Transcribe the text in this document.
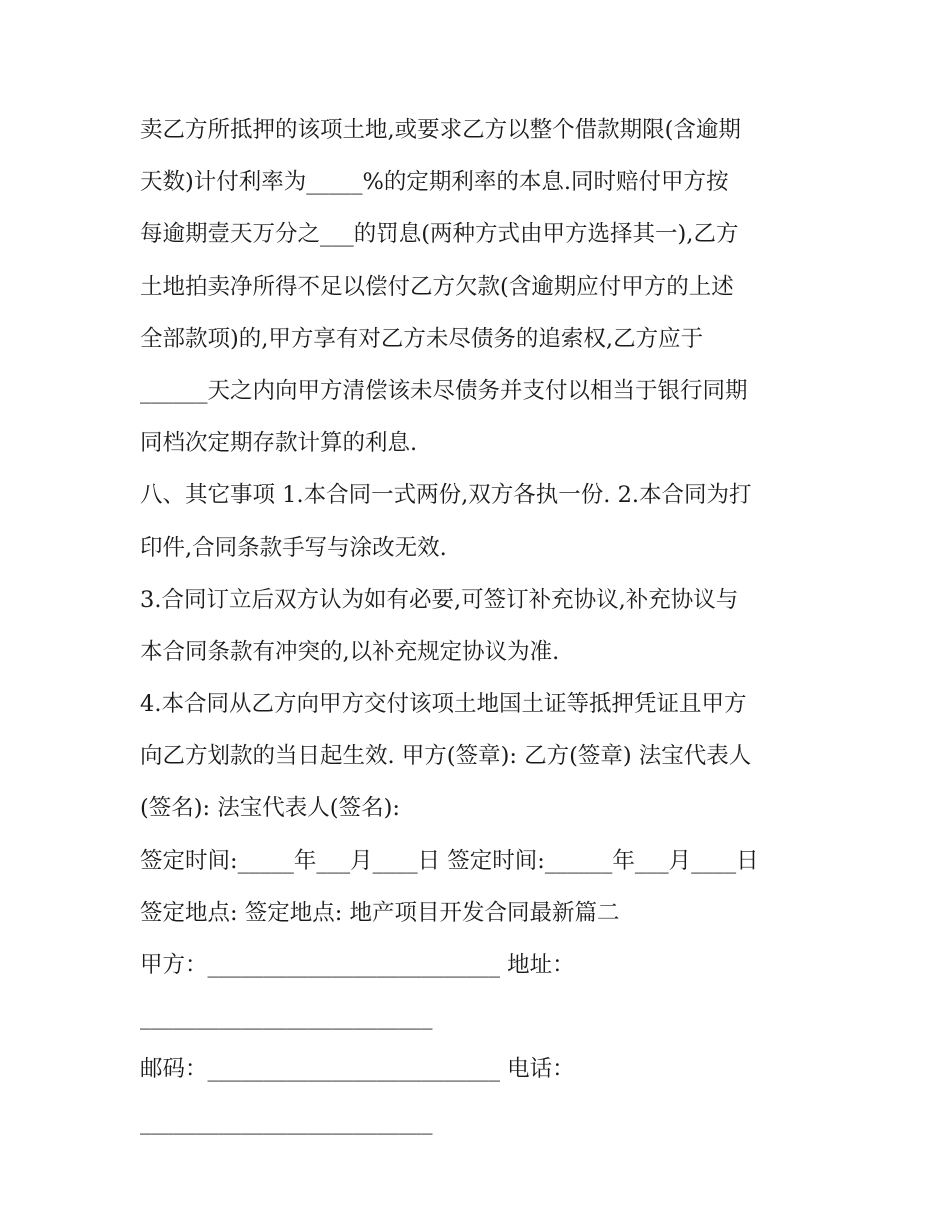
卖乙方所抵押的该项土地,或要求乙方以整个借款期限(含逾期
天数)计付利率为_____%的定期利率的本息.同时赔付甲方按
每逾期壹天万分之___的罚息(两种方式由甲方选择其一),乙方
土地拍卖净所得不足以偿付乙方欠款(含逾期应付甲方的上述
全部款项)的,甲方享有对乙方未尽债务的追索权,乙方应于
______天之内向甲方清偿该未尽债务并支付以相当于银行同期
同档次定期存款计算的利息.
八、其它事项 1.本合同一式两份,双方各执一份. 2.本合同为打
印件,合同条款手写与涂改无效.
3.合同订立后双方认为如有必要,可签订补充协议,补充协议与
本合同条款有冲突的,以补充规定协议为准.
4.本合同从乙方向甲方交付该项土地国土证等抵押凭证且甲方
向乙方划款的当日起生效. 甲方(签章): 乙方(签章) 法宝代表人
(签名): 法宝代表人(签名):
签定时间:_____年___月____日 签定时间:______年___月____日
签定地点: 签定地点: 地产项目开发合同最新篇二
甲方：__________________________ 地址：
__________________________
邮码：__________________________ 电话：
__________________________
